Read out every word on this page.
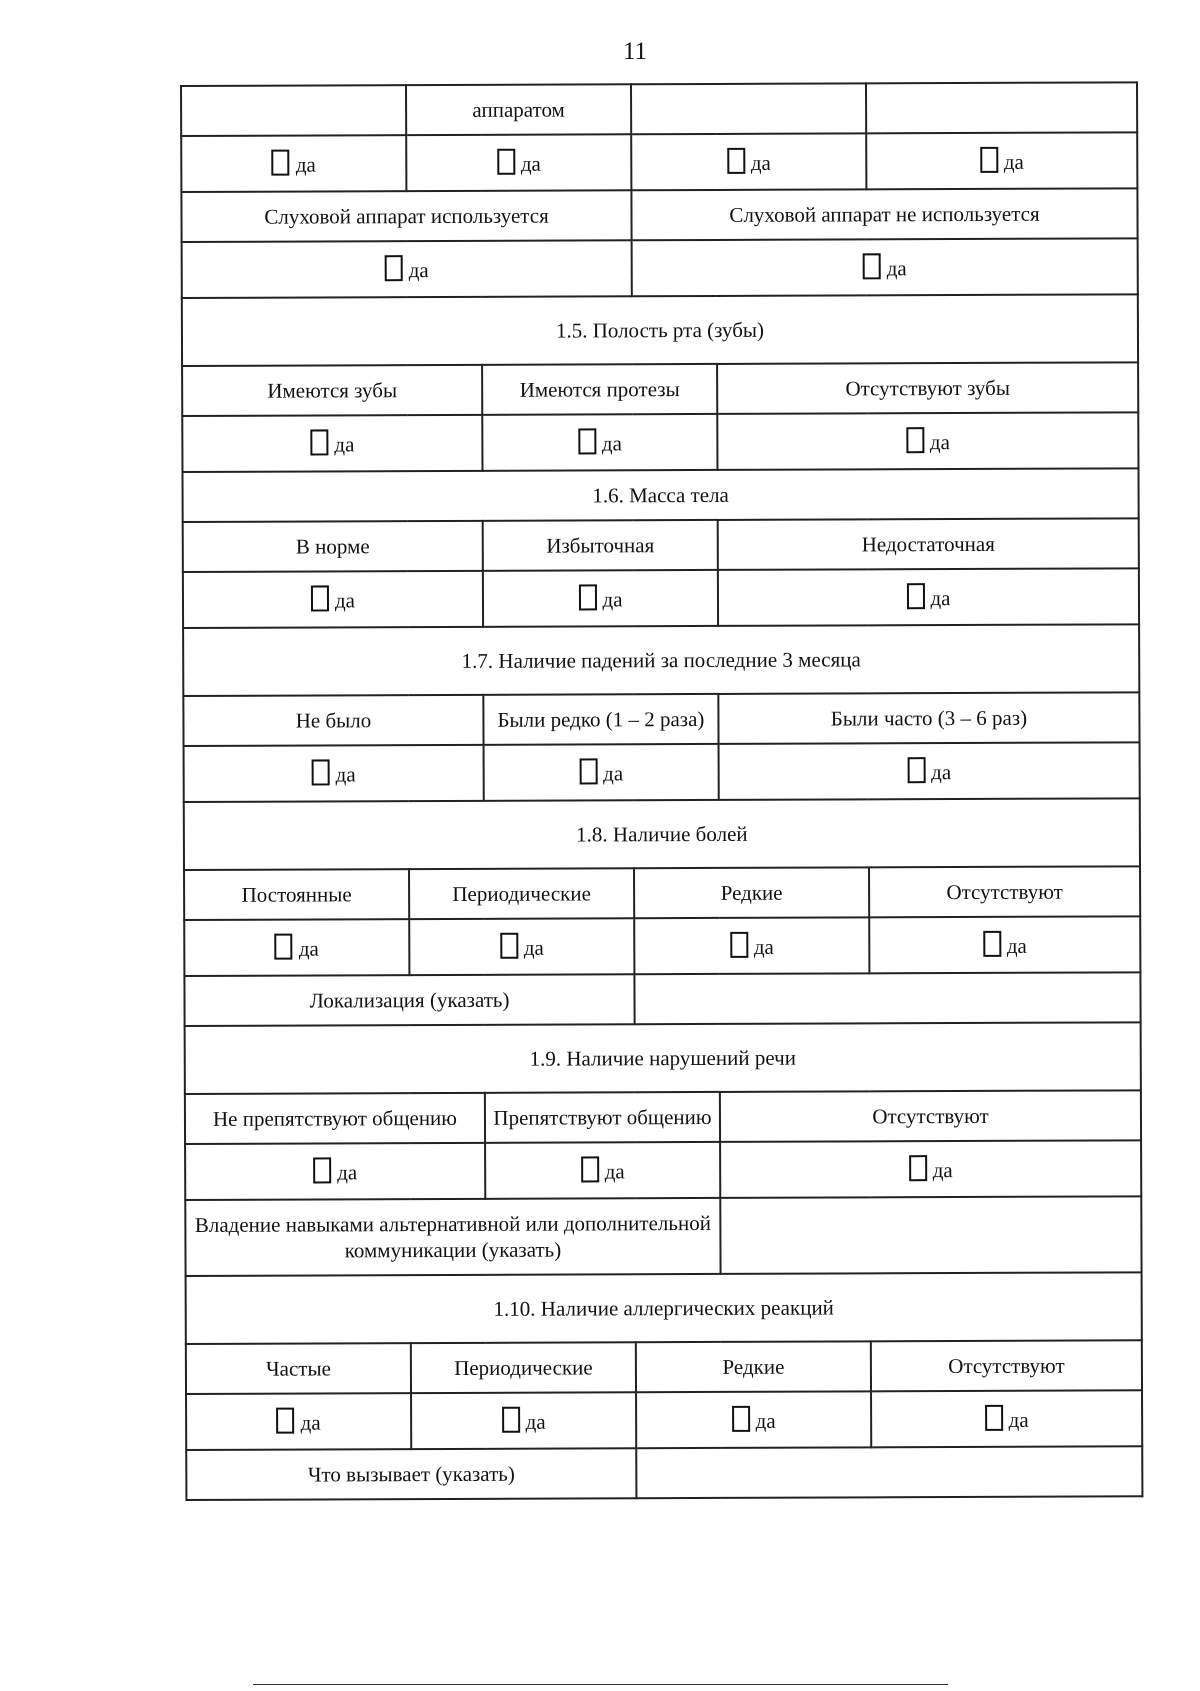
11
	аппаратом				
да	да		да		да
Слуховой аппарат используется			Слуховой аппарат не используется		
да			да		
1.5. Полость рта (зубы)					
Имеются зубы		Имеются протезы		Отсутствуют зубы	
да		да		да	
1.6. Масса тела					
В норме		Избыточная		Недостаточная	
да		да		да	
1.7. Наличие падений за последние 3 месяца					
Не было		Были редко (1 – 2 раза)		Были часто (3 – 6 раз)	
да		да		да	
1.8. Наличие болей					
Постоянные	Периодические		Редкие		Отсутствуют
да	да		да		да
Локализация (указать)					
1.9. Наличие нарушений речи					
Не препятствуют общению		Препятствуют общению		Отсутствуют	
да		да		да	
Владение навыками альтернативной или дополнительной коммуникации (указать)					
1.10. Наличие аллергических реакций					
Частые	Периодические		Редкие		Отсутствуют
да	да		да		да
Что вызывает (указать)					
